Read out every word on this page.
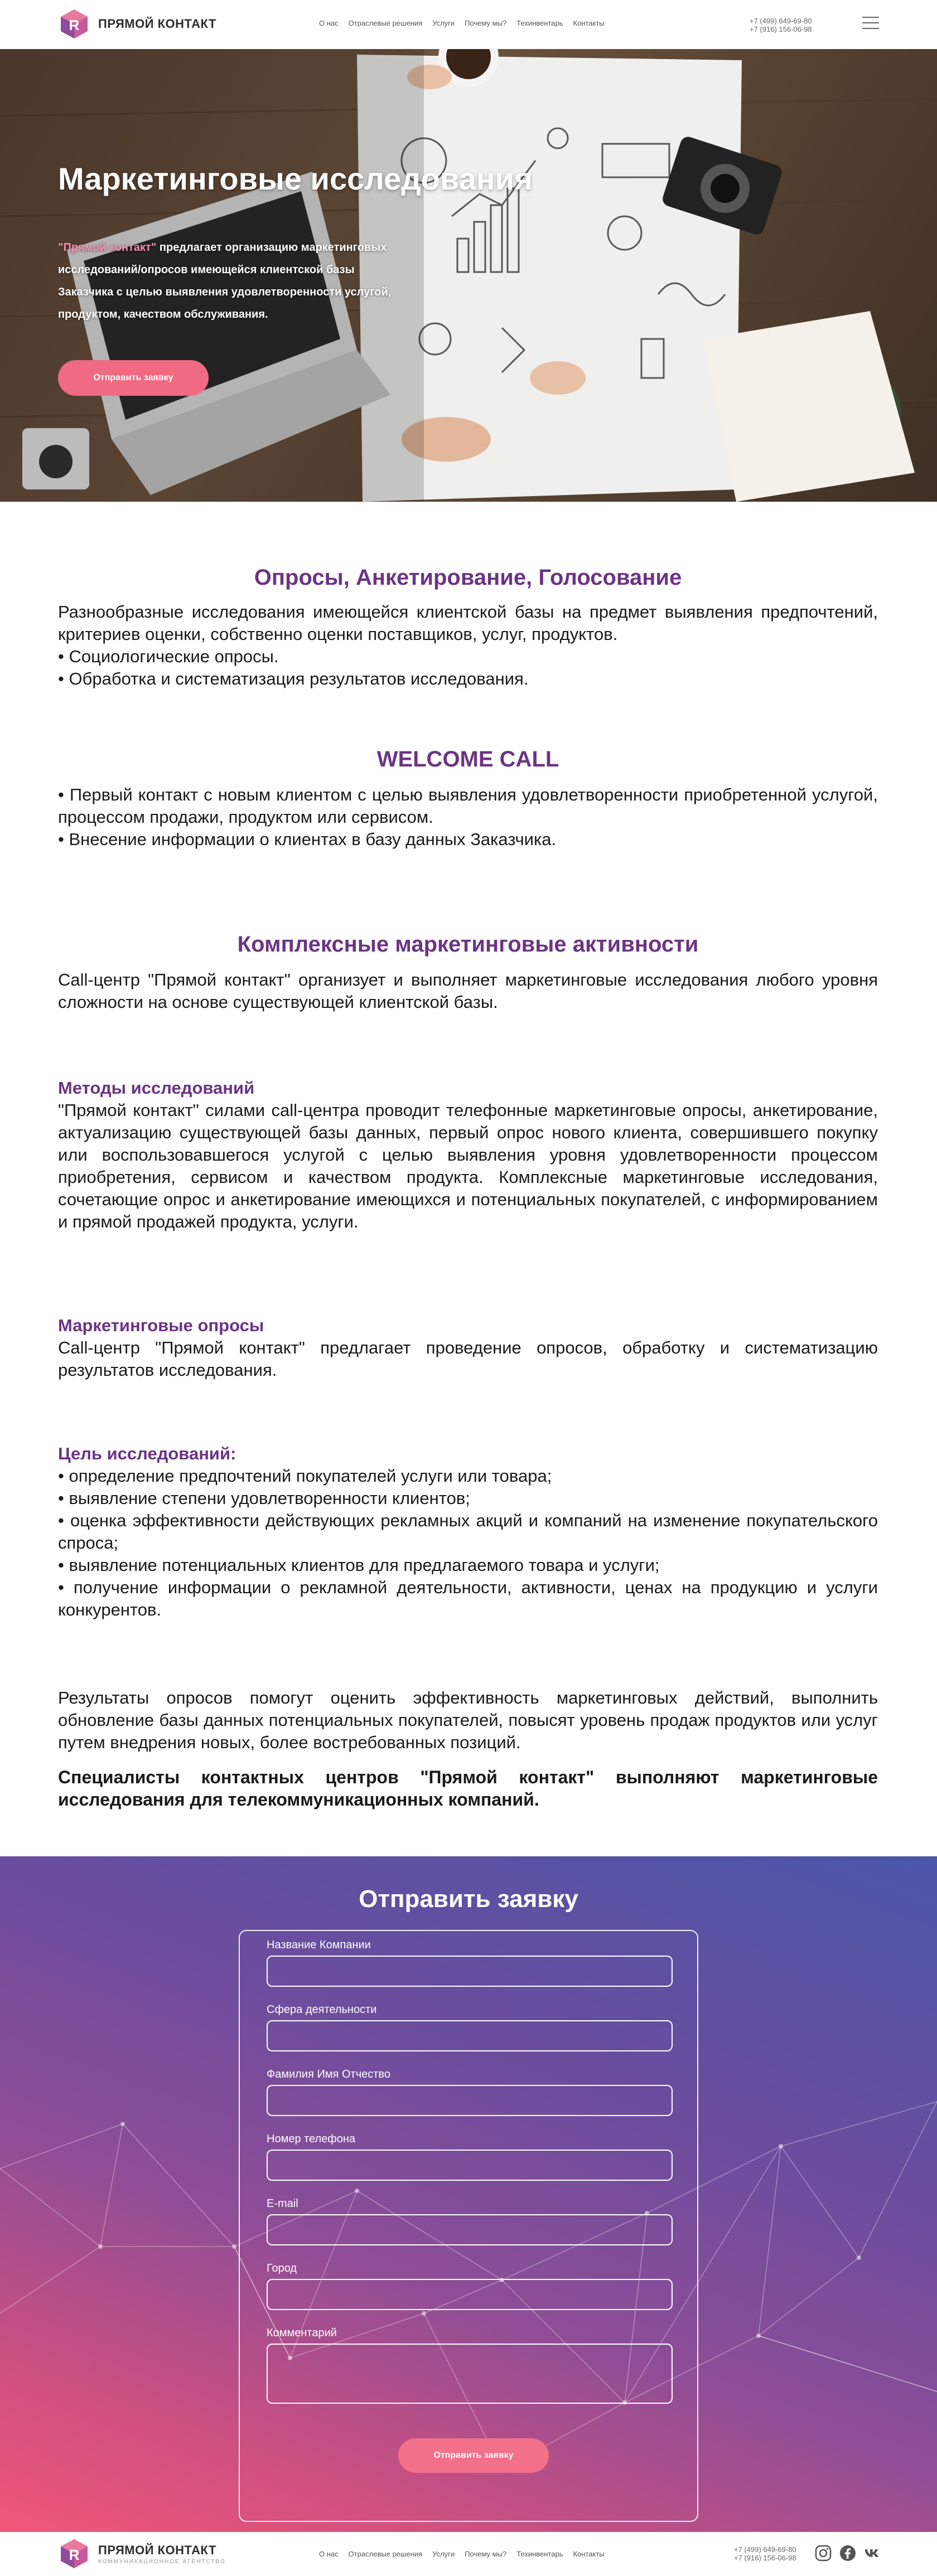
R ПРЯМОЙ КОНТАКТ	О нас Отраслевые решения Услуги Почему мы? Техинвентарь Контакты	+7 (499) 649-69-80
+7 (916) 156-06-98
Маркетинговые исследования
"Прямой контакт" предлагает организацию маркетинговых исследований/опросов имеющейся клиентской базы Заказчика с целью выявления удовлетворенности услугой, продуктом, качеством обслуживания.
Отправить заявку
Опросы, Анкетирование, Голосование

Разнообразные исследования имеющейся клиентской базы на предмет выявления предпочтений, критериев оценки, собственно оценки поставщиков, услуг, продуктов.

• Социологические опросы.

• Обработка и систематизация результатов исследования.

WELCOME CALL

• Первый контакт с новым клиентом с целью выявления удовлетворенности приобретенной услугой, процессом продажи, продуктом или сервисом.

• Внесение информации о клиентах в базу данных Заказчика.

Комплексные маркетинговые активности

Call-центр "Прямой контакт" организует и выполняет маркетинговые исследования любого уровня сложности на основе существующей клиентской базы.

Методы исследований

"Прямой контакт" силами call-центра проводит телефонные маркетинговые опросы, анкетирование, актуализацию существующей базы данных, первый опрос нового клиента, совершившего покупку или воспользовавшегося услугой с целью выявления уровня удовлетворенности процессом приобретения, сервисом и качеством продукта. Комплексные маркетинговые исследования, сочетающие опрос и анкетирование имеющихся и потенциальных покупателей, с информированием и прямой продажей продукта, услуги.

Маркетинговые опросы

Call-центр "Прямой контакт" предлагает проведение опросов, обработку и систематизацию результатов исследования.

Цель исследований:

• определение предпочтений покупателей услуги или товара;

• выявление степени удовлетворенности клиентов;

• оценка эффективности действующих рекламных акций и компаний на изменение покупательского спроса;

• выявление потенциальных клиентов для предлагаемого товара и услуги;

• получение информации о рекламной деятельности, активности, ценах на продукцию и услуги конкурентов.

Результаты опросов помогут оценить эффективность маркетинговых действий, выполнить обновление базы данных потенциальных покупателей, повысят уровень продаж продуктов или услуг путем внедрения новых, более востребованных позиций.

Специалисты контактных центров "Прямой контакт" выполняют маркетинговые исследования для телекоммуникационных компаний.

Отправить заявку
Название Компании
Сфера деятельности
Фамилия Имя Отчество
Номер телефона
E-mail
Город
Комментарий
Отправить заявку
R ПРЯМОЙ КОНТАКТ
КОММУНИКАЦИОННОЕ АГЕНТСТВО
О нас Отраслевые решения Услуги Почему мы? Техинвентарь Контакты
+7 (499) 649-69-80
+7 (916) 156-06-98
